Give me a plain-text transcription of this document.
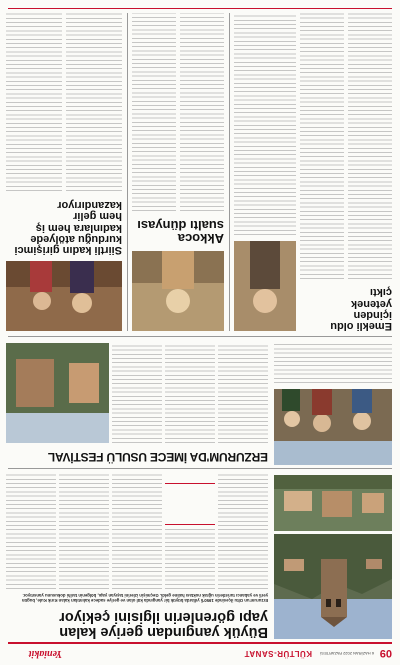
09
6 HAZİRAN 2022 PAZARTESİ
KÜLTÜR-SANAT
Yeniakit
Büyük yangından geriye kalan
yapı görenlerin ilgisini çekiyor
Erzurum'un Oltu ilçesinde 1950'li yıllarda büyük bir yangında kül olan ve geriye sadece kalıntıları kalan Kırık Kule, bugün
yerli ve yabancı turistlerin uğrak noktası haline geldi. Geçmişin izlerini taşıyan yapı, bölgenin tarihi dokusunu yansıtıyor.
ERZURUM'DA İMECE USULÜ FESTİVAL
Emekli oldu
içinden
yetenek
çıktı
Akkoca
sualtı dünyası
Siirtli kadın girişimci
kurduğu atölyede
kadınlara hem iş
hem gelir
kazandırıyor
